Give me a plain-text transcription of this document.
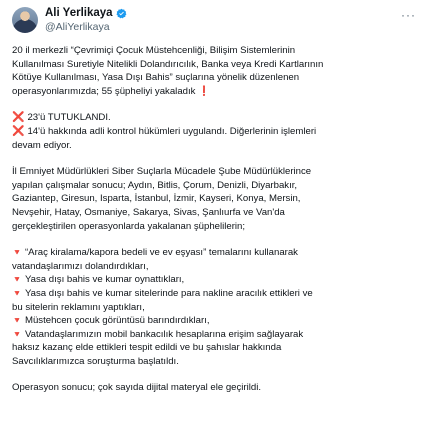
Ali Yerlikaya
@AliYerlikaya
···
20 il merkezli “Çevrimiçi Çocuk Müstehcenliği, Bilişim Sistemlerinin
Kullanılması Suretiyle Nitelikli Dolandırıcılık, Banka veya Kredi Kartlarının
Kötüye Kullanılması, Yasa Dışı Bahis” suçlarına yönelik düzenlenen
operasyonlarımızda; 55 şüpheliyi yakaladık ❗
❌ 23'ü TUTUKLANDI.
❌ 14'ü hakkında adli kontrol hükümleri uygulandı. Diğerlerinin işlemleri
devam ediyor.
İl Emniyet Müdürlükleri Siber Suçlarla Mücadele Şube Müdürlüklerince
yapılan çalışmalar sonucu; Aydın, Bitlis, Çorum, Denizli, Diyarbakır,
Gaziantep, Giresun, Isparta, İstanbul, İzmir, Kayseri, Konya, Mersin,
Nevşehir, Hatay, Osmaniye, Sakarya, Sivas, Şanlıurfa ve Van'da
gerçekleştirilen operasyonlarda yakalanan şüphelilerin;
🔻 “Araç kiralama/kapora bedeli ve ev eşyası” temalarını kullanarak
vatandaşlarımızı dolandırdıkları,
🔻 Yasa dışı bahis ve kumar oynattıkları,
🔻 Yasa dışı bahis ve kumar sitelerinde para nakline aracılık ettikleri ve
bu sitelerin reklamını yaptıkları,
🔻 Müstehcen çocuk görüntüsü barındırdıkları,
🔻 Vatandaşlarımızın mobil bankacılık hesaplarına erişim sağlayarak
haksız kazanç elde ettikleri tespit edildi ve bu şahıslar hakkında
Savcılıklarımızca soruşturma başlatıldı.
Operasyon sonucu; çok sayıda dijital materyal ele geçirildi.
